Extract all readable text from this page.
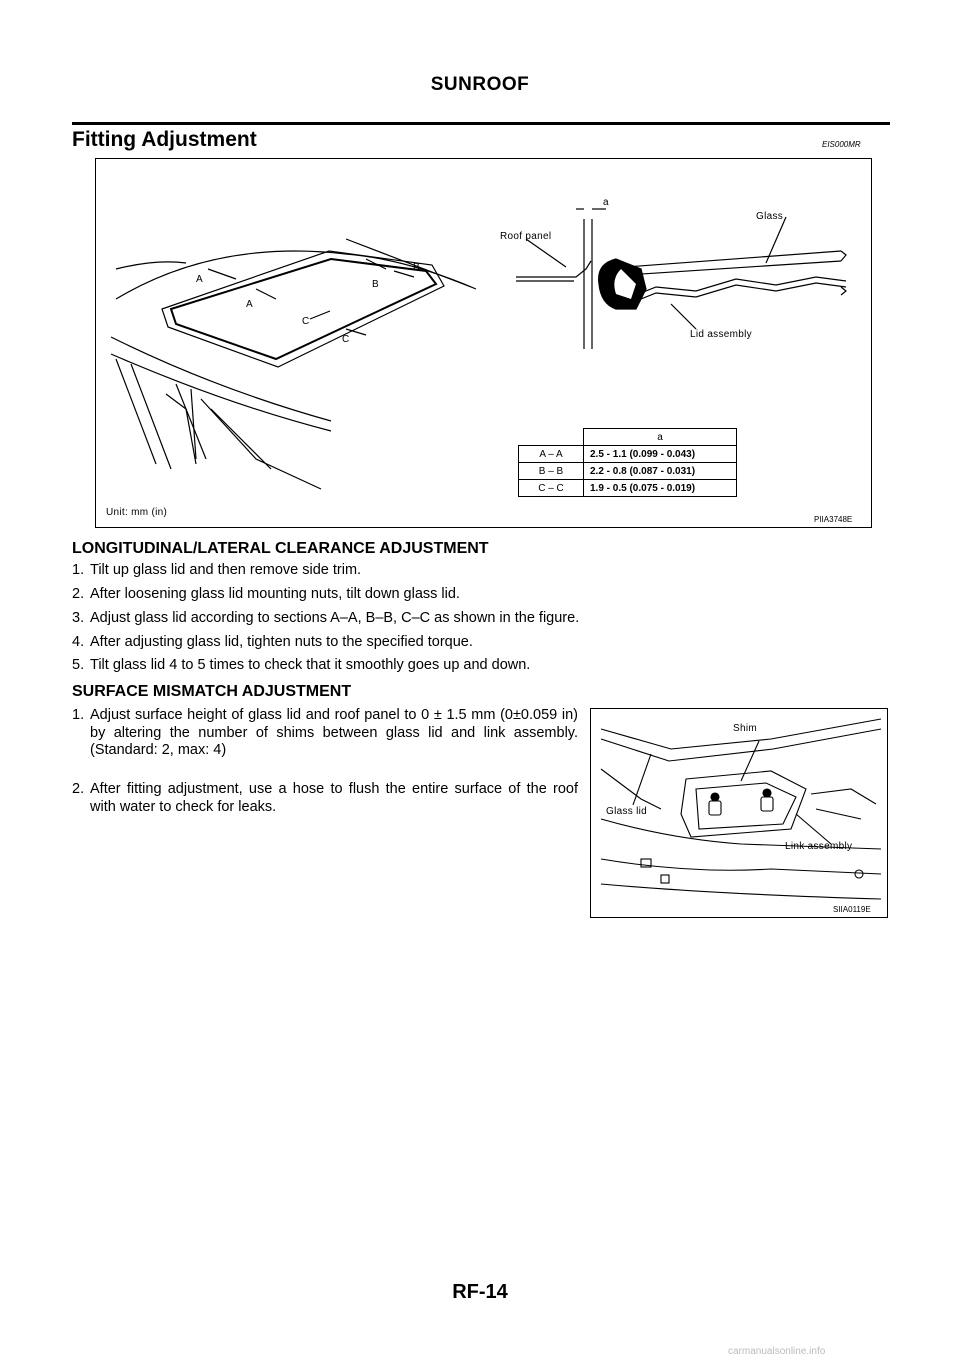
SUNROOF
Fitting Adjustment	EIS000MR
a
Roof panel
Glass
Lid assembly
A
A
B
B
C
C
Unit: mm (in)
PIIA3748E
	a
A – A	2.5 - 1.1 (0.099 - 0.043)
B – B	2.2 - 0.8 (0.087 - 0.031)
C – C	1.9 - 0.5 (0.075 - 0.019)
LONGITUDINAL/LATERAL CLEARANCE ADJUSTMENT
1. Tilt up glass lid and then remove side trim.
2. After loosening glass lid mounting nuts, tilt down glass lid.
3. Adjust glass lid according to sections A–A, B–B, C–C as shown in the figure.
4. After adjusting glass lid, tighten nuts to the specified torque.
5. Tilt glass lid 4 to 5 times to check that it smoothly goes up and down.
SURFACE MISMATCH ADJUSTMENT
1. Adjust surface height of glass lid and roof panel to 0 ± 1.5 mm (0±0.059 in) by altering the number of shims between glass lid and link assembly. (Standard: 2, max: 4)
2. After fitting adjustment, use a hose to flush the entire surface of the roof with water to check for leaks.
Shim
Glass lid
Link assembly
SIIA0119E
RF-14
carmanualsonline.info
